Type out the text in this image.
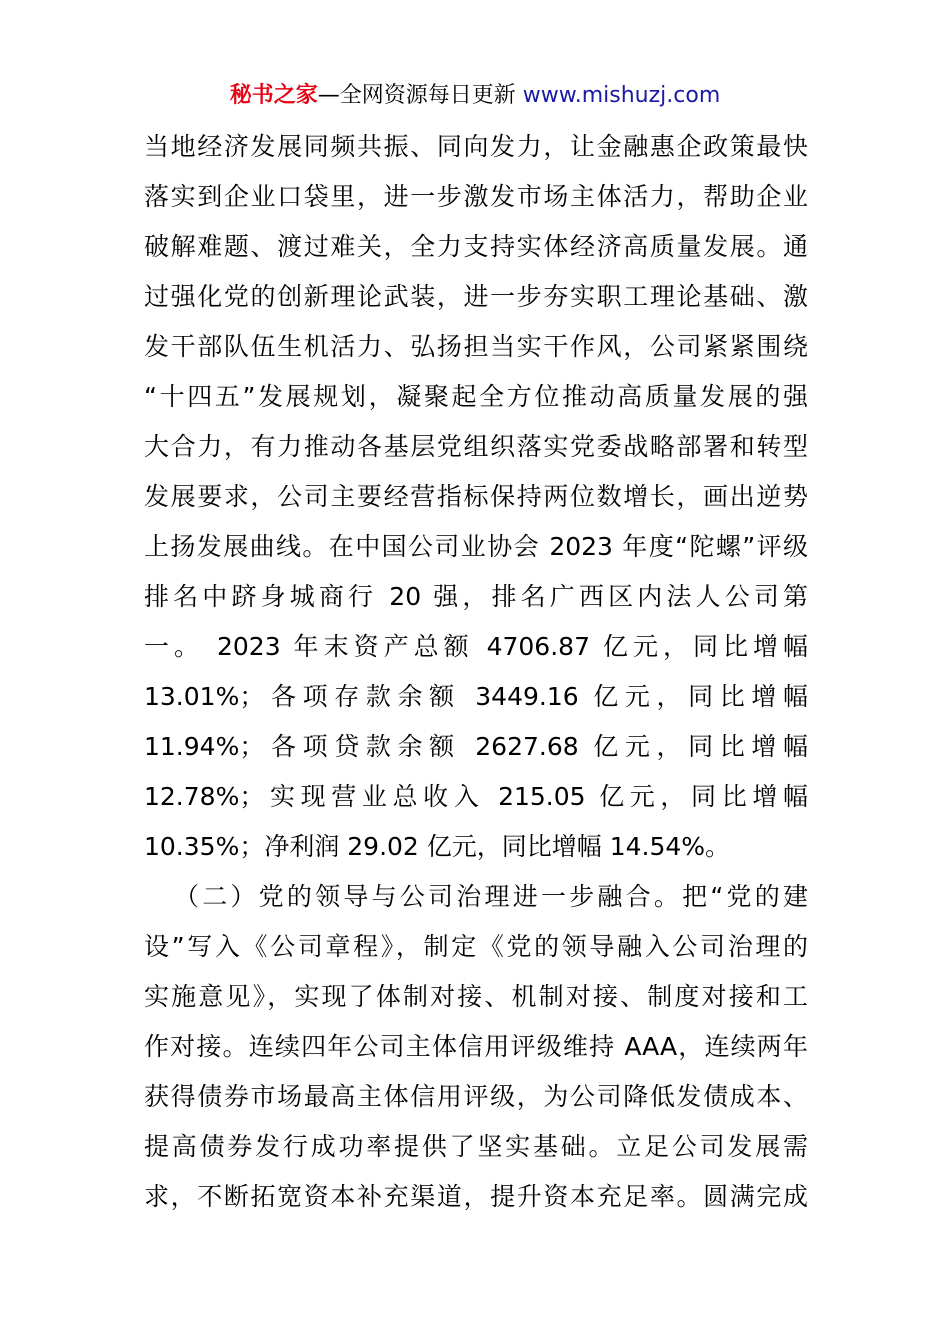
秘书之家—全网资源每日更新 www.mishuzj.com
当地经济发展同频共振、同向发力，让金融惠企政策最快
落实到企业口袋里，进一步激发市场主体活力，帮助企业
破解难题、渡过难关，全力支持实体经济高质量发展。通
过强化党的创新理论武装，进一步夯实职工理论基础、激
发干部队伍生机活力、弘扬担当实干作风，公司紧紧围绕
“十四五”发展规划，凝聚起全方位推动高质量发展的强
大合力，有力推动各基层党组织落实党委战略部署和转型
发展要求，公司主要经营指标保持两位数增长，画出逆势
上扬发展曲线。在中国公司业协会 2023 年度“陀螺”评级
排名中跻身城商行 20 强，排名广西区内法人公司第
一。 2023 年末资产总额 4706.87 亿元，同比增幅
13.01%；各项存款余额 3449.16 亿元，同比增幅
11.94%；各项贷款余额 2627.68 亿元，同比增幅
12.78%；实现营业总收入 215.05 亿元，同比增幅
10.35%；净利润 29.02 亿元，同比增幅 14.54%。
（二）党的领导与公司治理进一步融合。把“党的建
设”写入《公司章程》，制定《党的领导融入公司治理的
实施意见》，实现了体制对接、机制对接、制度对接和工
作对接。连续四年公司主体信用评级维持 AAA，连续两年
获得债券市场最高主体信用评级，为公司降低发债成本、
提高债券发行成功率提供了坚实基础。立足公司发展需
求，不断拓宽资本补充渠道，提升资本充足率。圆满完成
